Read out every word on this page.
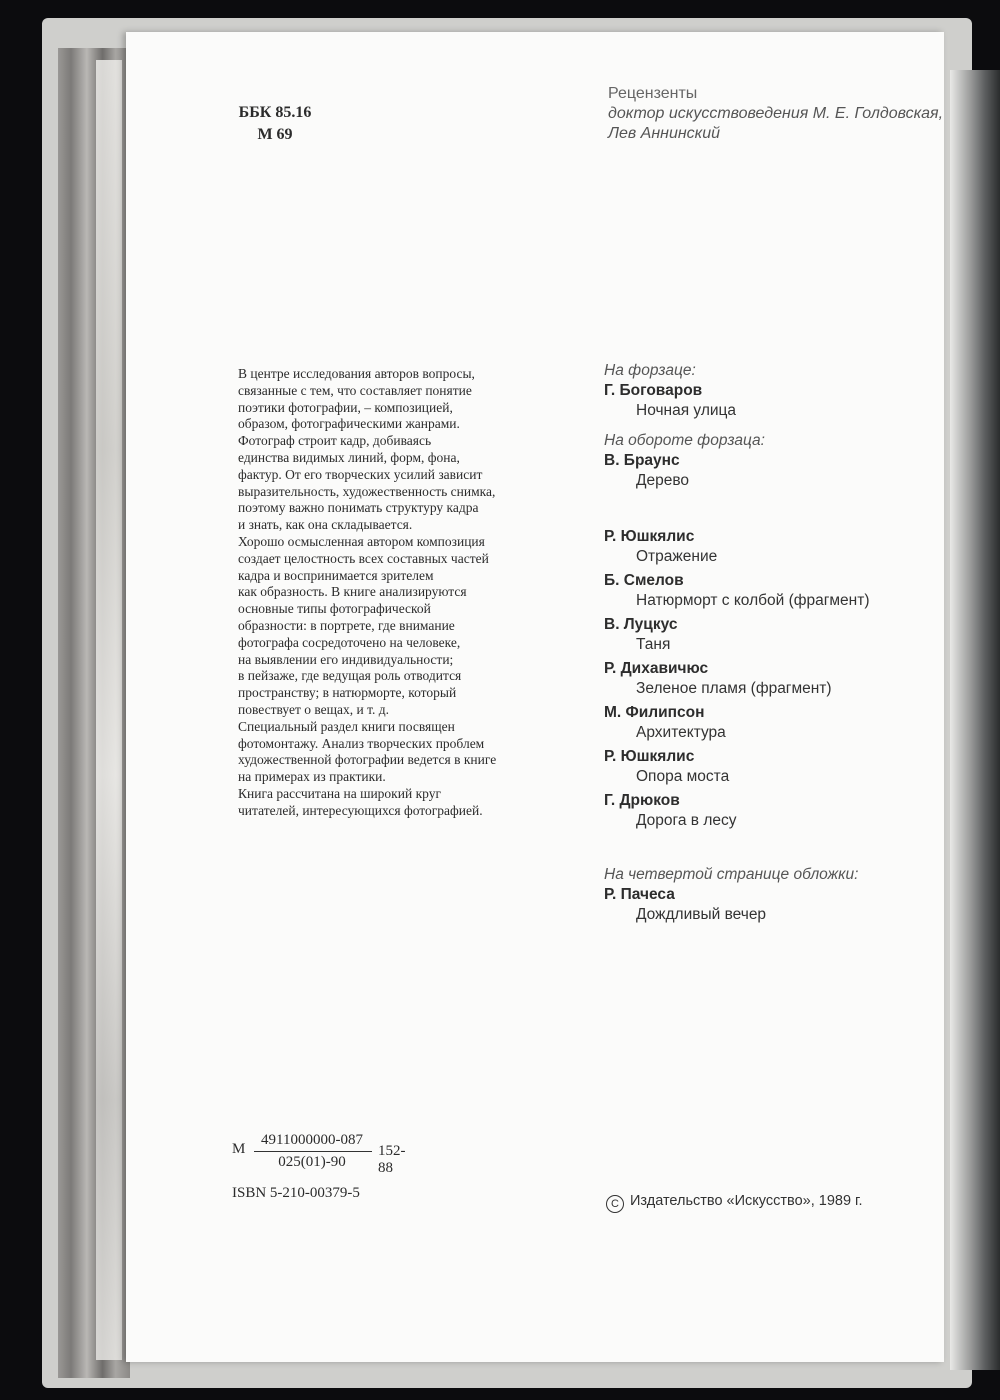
ББК 85.16
М 69
Рецензенты
доктор искусствоведения М. Е. Голдовская,
Лев Аннинский

В центре исследования авторов вопросы,

связанные с тем, что составляет понятие

поэтики фотографии, – композицией,

образом, фотографическими жанрами.

Фотограф строит кадр, добиваясь

единства видимых линий, форм, фона,

фактур. От его творческих усилий зависит

выразительность, художественность снимка,

поэтому важно понимать структуру кадра

и знать, как она складывается.

Хорошо осмысленная автором композиция

создает целостность всех составных частей

кадра и воспринимается зрителем

как образность. В книге анализируются

основные типы фотографической

образности: в портрете, где внимание

фотографа сосредоточено на человеке,

на выявлении его индивидуальности;

в пейзаже, где ведущая роль отводится

пространству; в натюрморте, который

повествует о вещах, и т. д.

Специальный раздел книги посвящен

фотомонтажу. Анализ творческих проблем

художественной фотографии ведется в книге

на примерах из практики.

Книга рассчитана на широкий круг

читателей, интересующихся фотографией.

На форзаце:
Г. Боговаров
Ночная улица
На обороте форзаца:
В. Браунс
Дерево
Р. Юшкялис
Отражение
Б. Смелов
Натюрморт с колбой (фрагмент)
В. Луцкус
Таня
Р. Дихавичюс
Зеленое пламя (фрагмент)
М. Филипсон
Архитектура
Р. Юшкялис
Опора моста
Г. Дрюков
Дорога в лесу
На четвертой странице обложки:
Р. Пачеса
Дождливый вечер
М
4911000000-087
025(01)-90
152-88
ISBN 5-210-00379-5
C Издательство «Искусство», 1989 г.
